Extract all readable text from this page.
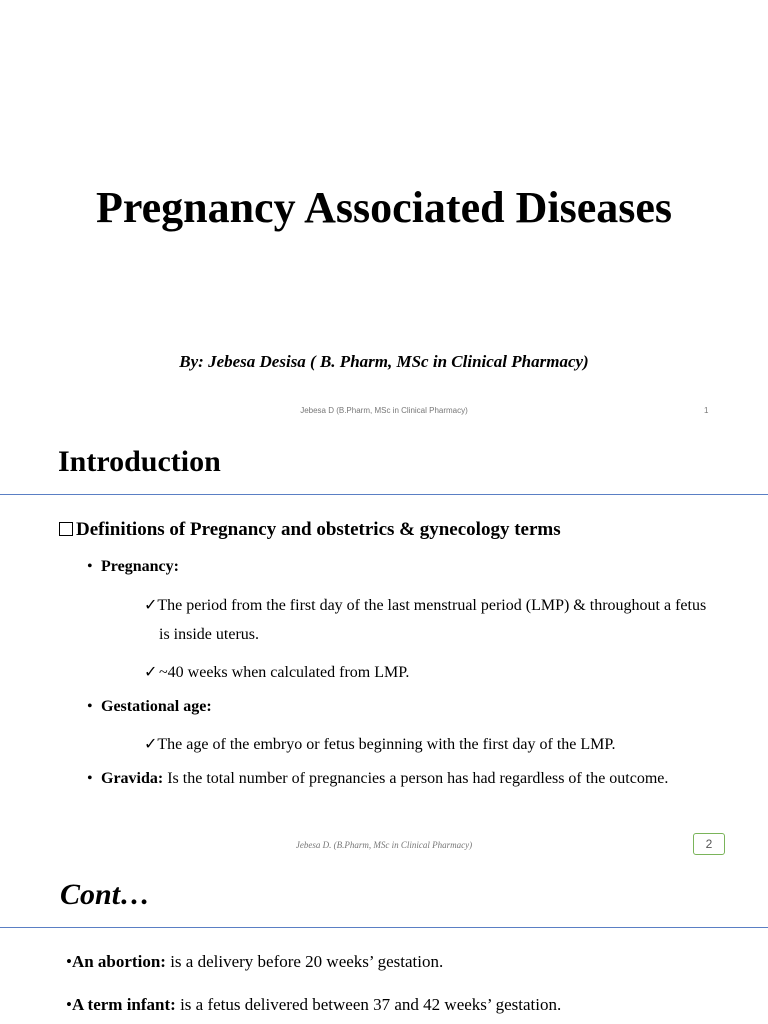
Pregnancy Associated Diseases

By: Jebesa Desisa ( B. Pharm, MSc in Clinical Pharmacy)

Jebesa D (B.Pharm, MSc in Clinical Pharmacy)	1

Introduction

Definitions of Pregnancy and obstetrics & gynecology terms

• Pregnancy:

✓The period from the first day of the last menstrual period (LMP) & throughout a fetus

is inside uterus.

✓~40 weeks when calculated from LMP.

• Gestational age:

✓The age of the embryo or fetus beginning with the first day of the LMP.

• Gravida: Is the total number of pregnancies a person has had regardless of the outcome.

Jebesa D. (B.Pharm, MSc in Clinical Pharmacy)	2
Cont…

•An abortion: is a delivery before 20 weeks’ gestation.

•A term infant: is a fetus delivered between 37 and 42 weeks’ gestation.
